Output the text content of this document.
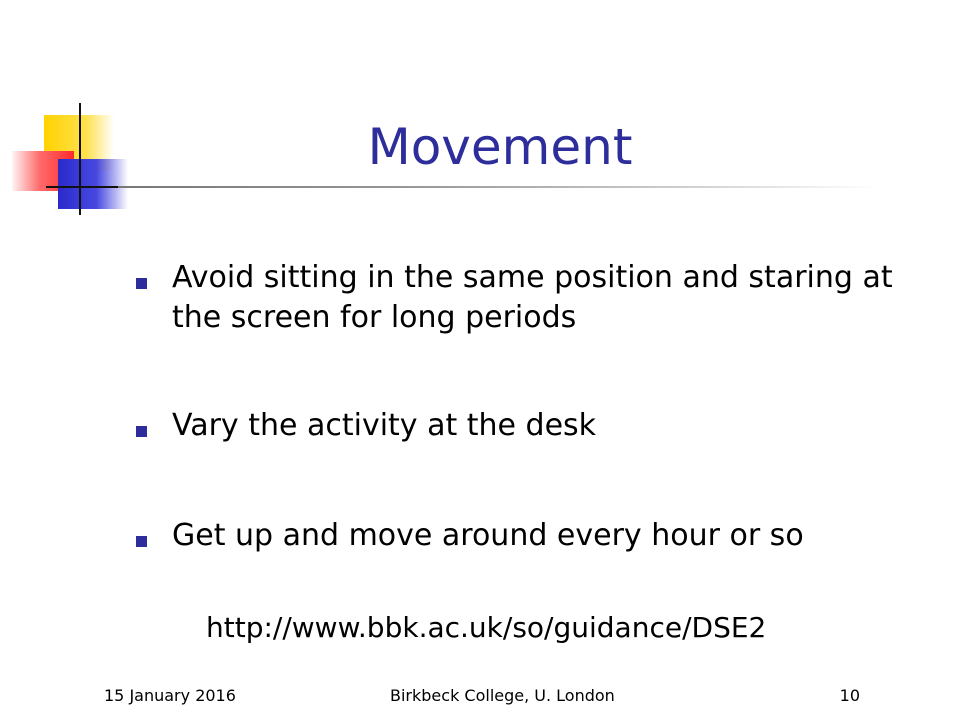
Movement
Avoid sitting in the same position and staring at the screen for long periods
Vary the activity at the desk
Get up and move around every hour or so
http://www.bbk.ac.uk/so/guidance/DSE2
15 January 2016	Birkbeck College, U. London	10
